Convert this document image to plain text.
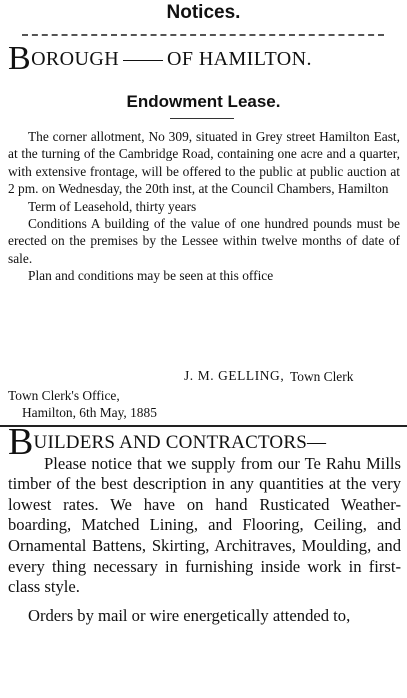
Notices.
BOROUGH OF HAMILTON.
Endowment Lease.

The corner allotment, No 309, situated in Grey street Hamilton East, at the turning of the Cambridge Road, containing one acre and a quarter, with extensive frontage, will be offered to the public at public auction at 2 pm. on Wednesday, the 20th inst, at the Council Chambers, Hamilton

Term of Leasehold, thirty years

Conditions A building of the value of one hundred pounds must be erected on the premises by the Lessee within twelve months of date of sale.

Plan and conditions may be seen at this office

J. M. GELLING, Town Clerk
Town Clerk's Office,
Hamilton, 6th May, 1885

BUILDERS AND CONTRACTORS—

Please notice that we supply from our Te Rahu Mills timber of the best description in any quantities at the very lowest rates. We have on hand Rusticated Weather-boarding, Matched Lining, and Flooring, Ceiling, and Ornamental Battens, Skirting, Architraves, Moulding, and every thing necessary in furnishing inside work in first-class style.

Orders by mail or wire energetically attended to,
